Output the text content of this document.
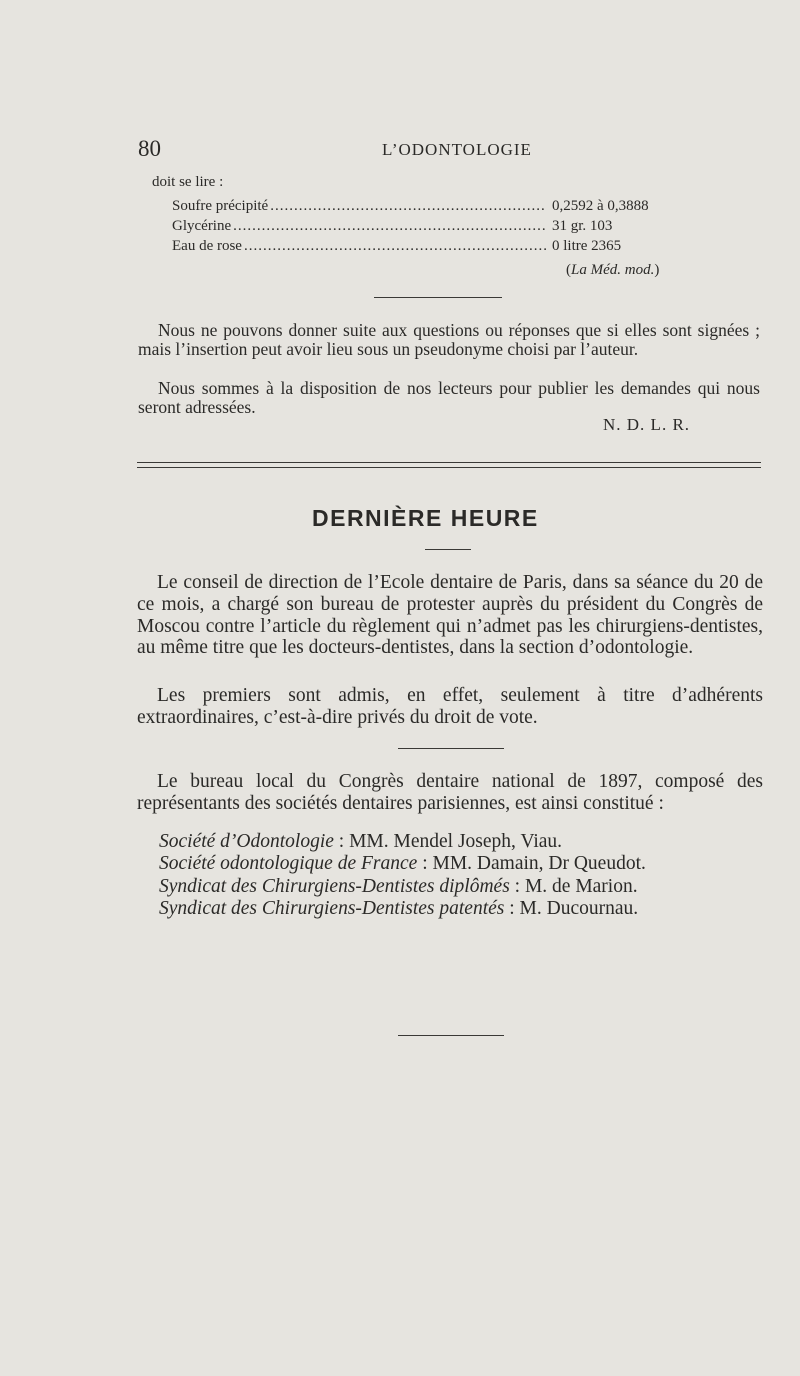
80	L’ODONTOLOGIE
doit se lire :
Soufre précipité .....	0,2592 à 0,3888
Glycérine .....	31 gr. 103
Eau de rose .....	0 litre 2365
(La Méd. mod.)
Nous ne pouvons donner suite aux questions ou réponses que si elles sont signées ; mais l’insertion peut avoir lieu sous un pseudonyme choisi par l’auteur.
Nous sommes à la disposition de nos lecteurs pour publier les demandes qui nous seront adressées.
N. D. L. R.
DERNIÈRE HEURE
Le conseil de direction de l’Ecole dentaire de Paris, dans sa séance du 20 de ce mois, a chargé son bureau de protester auprès du président du Congrès de Moscou contre l’article du règlement qui n’admet pas les chirurgiens-dentistes, au même titre que les docteurs-dentistes, dans la section d’odontologie.
Les premiers sont admis, en effet, seulement à titre d’adhérents extraordinaires, c’est-à-dire privés du droit de vote.
Le bureau local du Congrès dentaire national de 1897, composé des représentants des sociétés dentaires parisiennes, est ainsi constitué :
Société d’Odontologie : MM. Mendel Joseph, Viau.
Société odontologique de France : MM. Damain, Dr Queudot.
Syndicat des Chirurgiens-Dentistes diplômés : M. de Marion.
Syndicat des Chirurgiens-Dentistes patentés : M. Ducournau.
